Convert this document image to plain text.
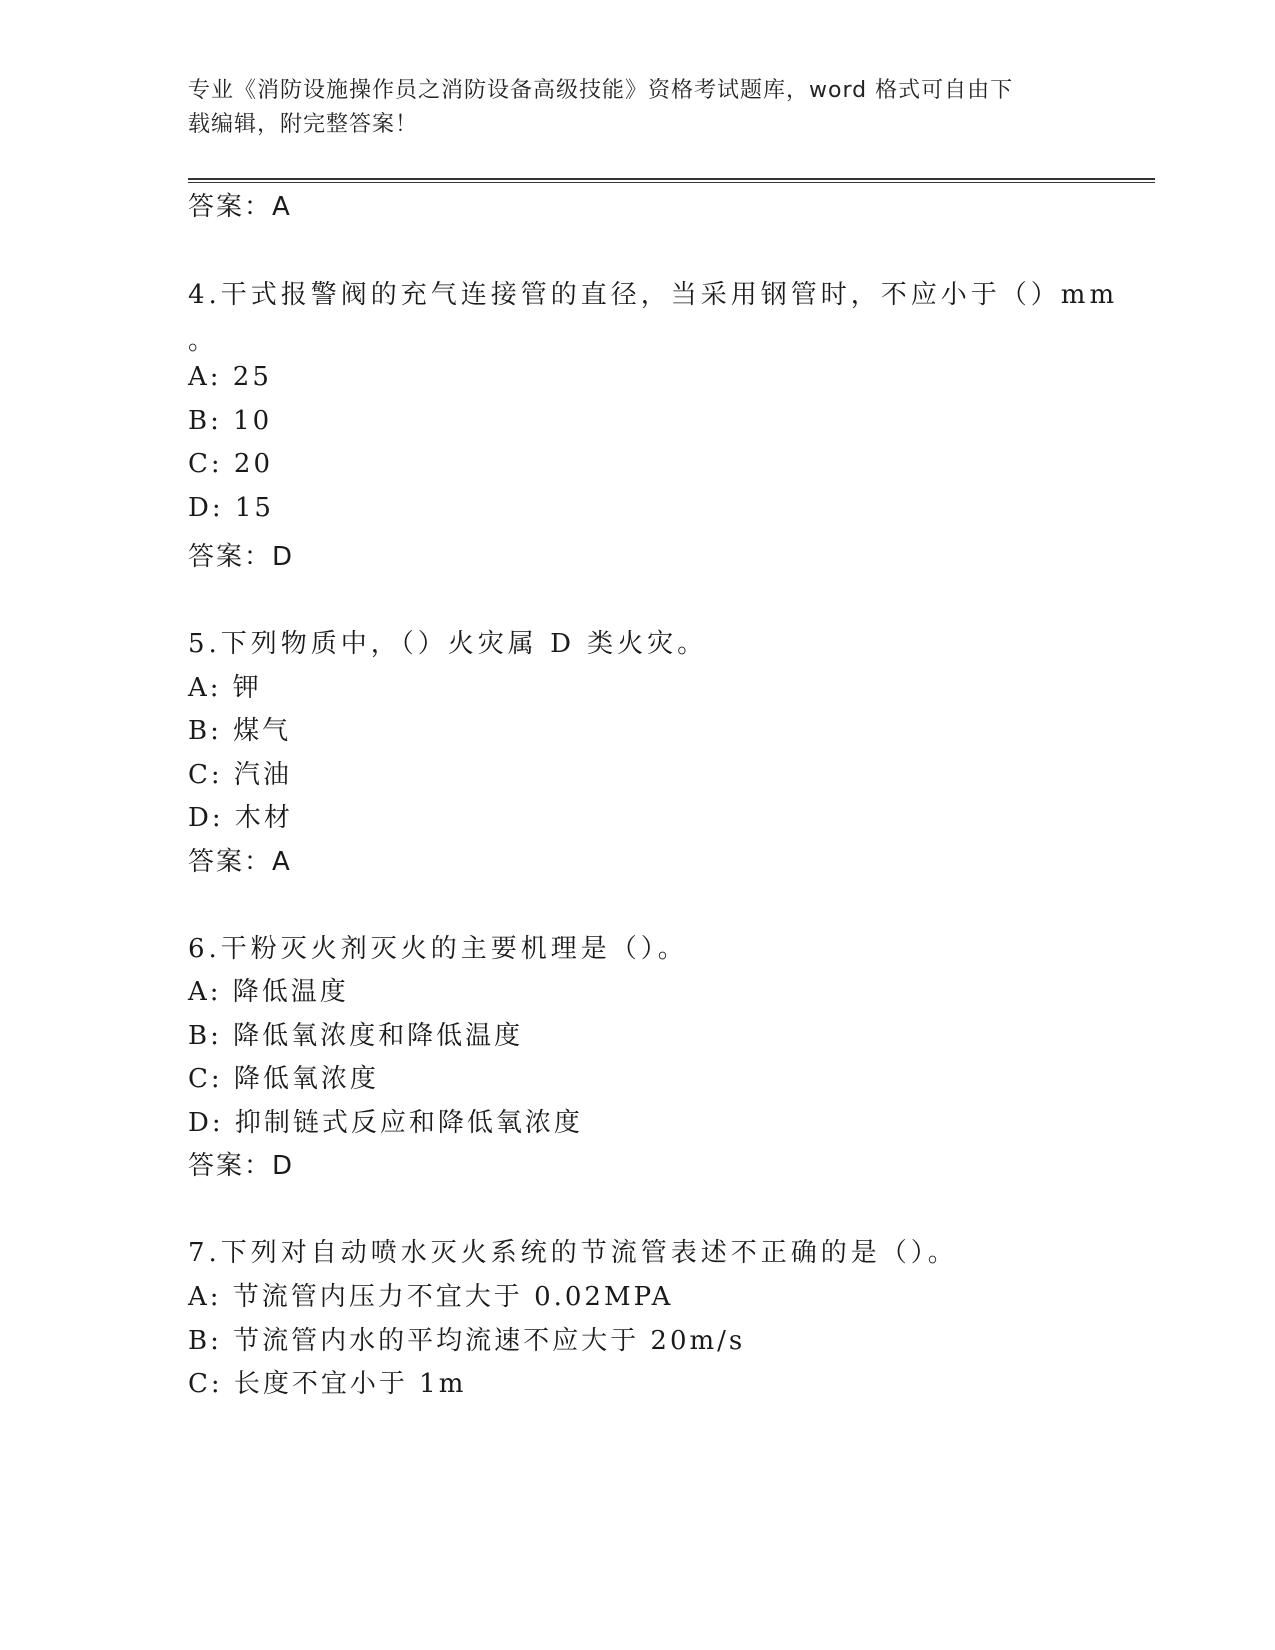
专业《消防设施操作员之消防设备高级技能》资格考试题库，word 格式可自由下
载编辑，附完整答案！
答案：A
4.干式报警阀的充气连接管的直径，当采用钢管时，不应小于（）mm
。
A: 25
B: 10
C: 20
D: 15
答案：D
5.下列物质中，（）火灾属 D 类火灾。
A: 钾
B: 煤气
C: 汽油
D: 木材
答案：A
6.干粉灭火剂灭火的主要机理是（）。
A: 降低温度
B: 降低氧浓度和降低温度
C: 降低氧浓度
D: 抑制链式反应和降低氧浓度
答案：D
7.下列对自动喷水灭火系统的节流管表述不正确的是（）。
A: 节流管内压力不宜大于 0.02MPA
B: 节流管内水的平均流速不应大于 20m/s
C: 长度不宜小于 1m
